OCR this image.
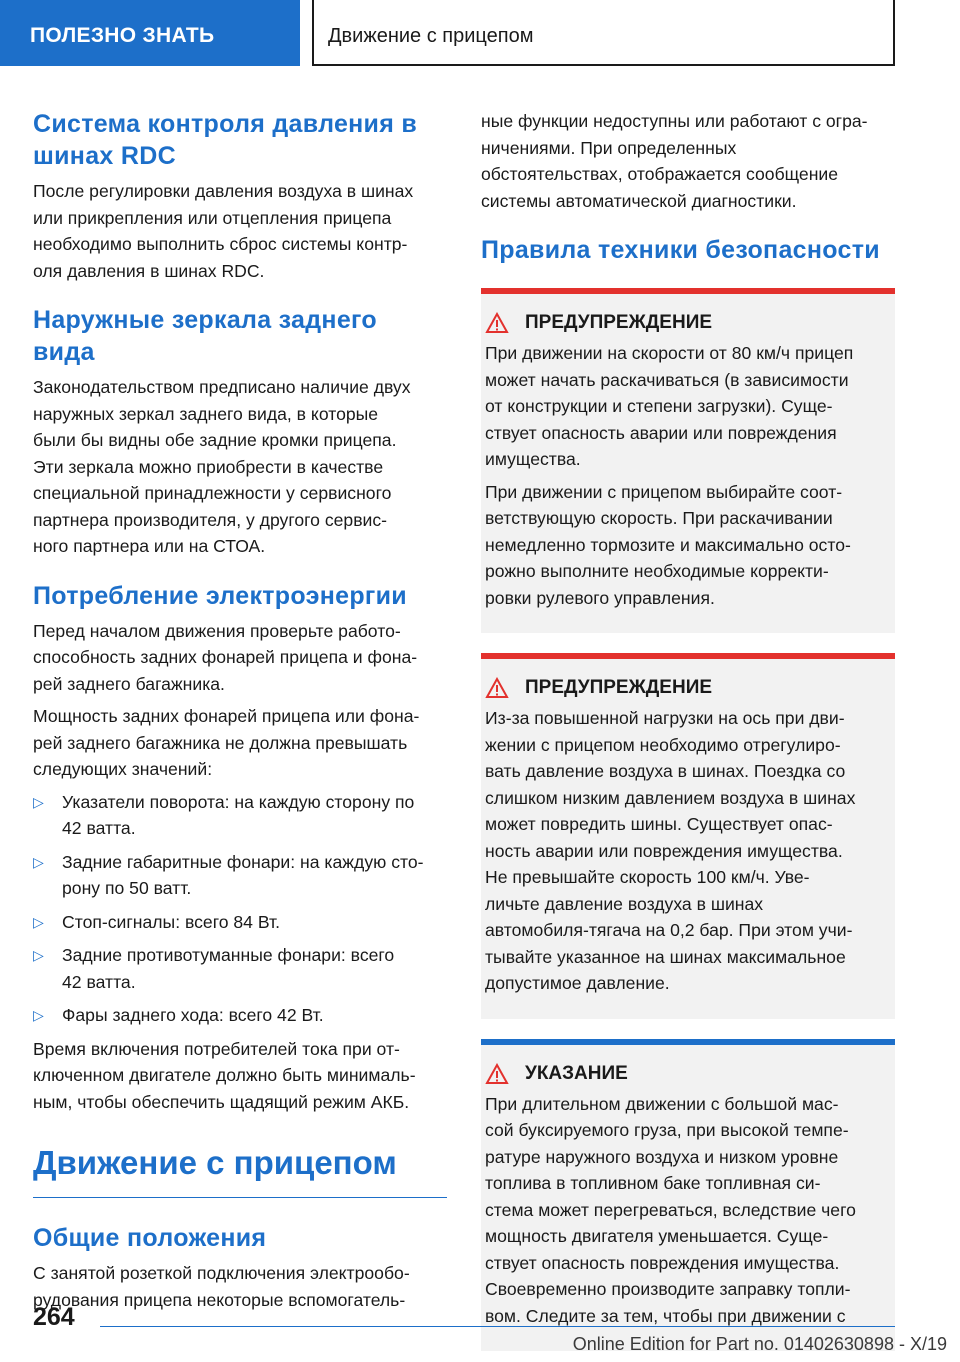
ПОЛЕЗНО ЗНАТЬ	Движение с прицепом
Система контроля давления в шинах RDC

После регулировки давления воздуха в шинах
или прикрепления или отцепления прицепа
необходимо выполнить сброс системы контр-
оля давления в шинах RDC.

Наружные зеркала заднего вида

Законодательством предписано наличие двух
наружных зеркал заднего вида, в которые
были бы видны обе задние кромки прицепа.
Эти зеркала можно приобрести в качестве
специальной принадлежности у сервисного
партнера производителя, у другого сервис-
ного партнера или на СТОА.

Потребление электроэнергии

Перед началом движения проверьте работо-
способность задних фонарей прицепа и фона-
рей заднего багажника.

Мощность задних фонарей прицепа или фона-
рей заднего багажника не должна превышать
следующих значений:

▷	Указатели поворота: на каждую сторону по
42 ватта.
▷	Задние габаритные фонари: на каждую сто-
рону по 50 ватт.
▷	Стоп-сигналы: всего 84 Вт.
▷	Задние противотуманные фонари: всего
42 ватта.
▷	Фары заднего хода: всего 42 Вт.

Время включения потребителей тока при от-
ключенном двигателе должно быть минималь-
ным, чтобы обеспечить щадящий режим АКБ.

Движение с прицепом
Общие положения

С занятой розеткой подключения электрообо-
рудования прицепа некоторые вспомогатель-

ные функции недоступны или работают с огра-
ничениями. При определенных
обстоятельствах, отображается сообщение
системы автоматической диагностики.

Правила техники безопасности
ПРЕДУПРЕЖДЕНИЕ

При движении на скорости от 80 км/ч прицеп
может начать раскачиваться (в зависимости
от конструкции и степени загрузки). Суще-
ствует опасность аварии или повреждения
имущества.

При движении с прицепом выбирайте соот-
ветствующую скорость. При раскачивании
немедленно тормозите и максимально осто-
рожно выполните необходимые корректи-
ровки рулевого управления.

ПРЕДУПРЕЖДЕНИЕ

Из-за повышенной нагрузки на ось при дви-
жении с прицепом необходимо отрегулиро-
вать давление воздуха в шинах. Поездка со
слишком низким давлением воздуха в шинах
может повредить шины. Существует опас-
ность аварии или повреждения имущества.
Не превышайте скорость 100 км/ч. Уве-
личьте давление воздуха в шинах
автомобиля-тягача на 0,2 бар. При этом учи-
тывайте указанное на шинах максимальное
допустимое давление.

УКАЗАНИЕ

При длительном движении с большой мас-
сой буксируемого груза, при высокой темпе-
ратуре наружного воздуха и низком уровне
топлива в топливном баке топливная си-
стема может перегреваться, вследствие чего
мощность двигателя уменьшается. Суще-
ствует опасность повреждения имущества.
Своевременно производите заправку топли-
вом. Следите за тем, чтобы при движении с

264
Online Edition for Part no. 01402630898 - X/19
